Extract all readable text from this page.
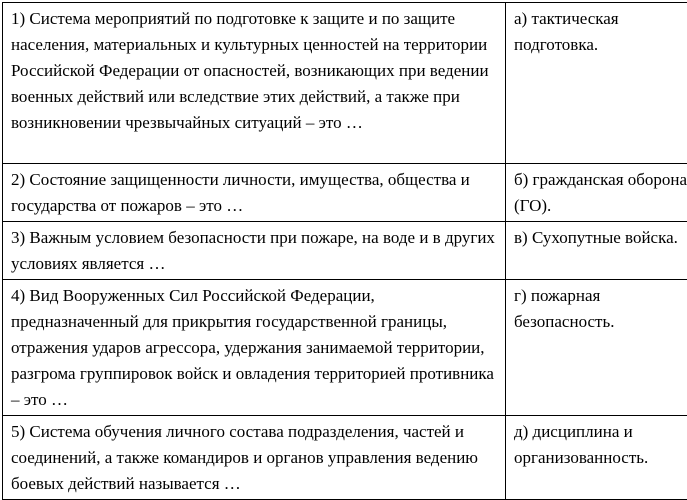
1) Система мероприятий по подготовке к защите и по защите населения, материальных и культурных ценностей на территории Российской Федерации от опасностей, возникающих при ведении военных действий или вследствие этих действий, а также при возникновении чрезвычайных ситуаций – это …	а) тактическая подготовка.
2) Состояние защищенности личности, имущества, общества и государства от пожаров – это …	б) гражданская оборона (ГО).
3) Важным условием безопасности при пожаре, на воде и в других условиях является …	в) Сухопутные войска.
4) Вид Вооруженных Сил Российской Федерации, предназначенный для прикрытия государственной границы, отражения ударов агрессора, удержания занимаемой территории, разгрома группировок войск и овладения территорией противника – это …	г) пожарная безопасность.
5) Система обучения личного состава подразделения, частей и соединений, а также командиров и органов управления ведению боевых действий называется …	д) дисциплина и организованность.
